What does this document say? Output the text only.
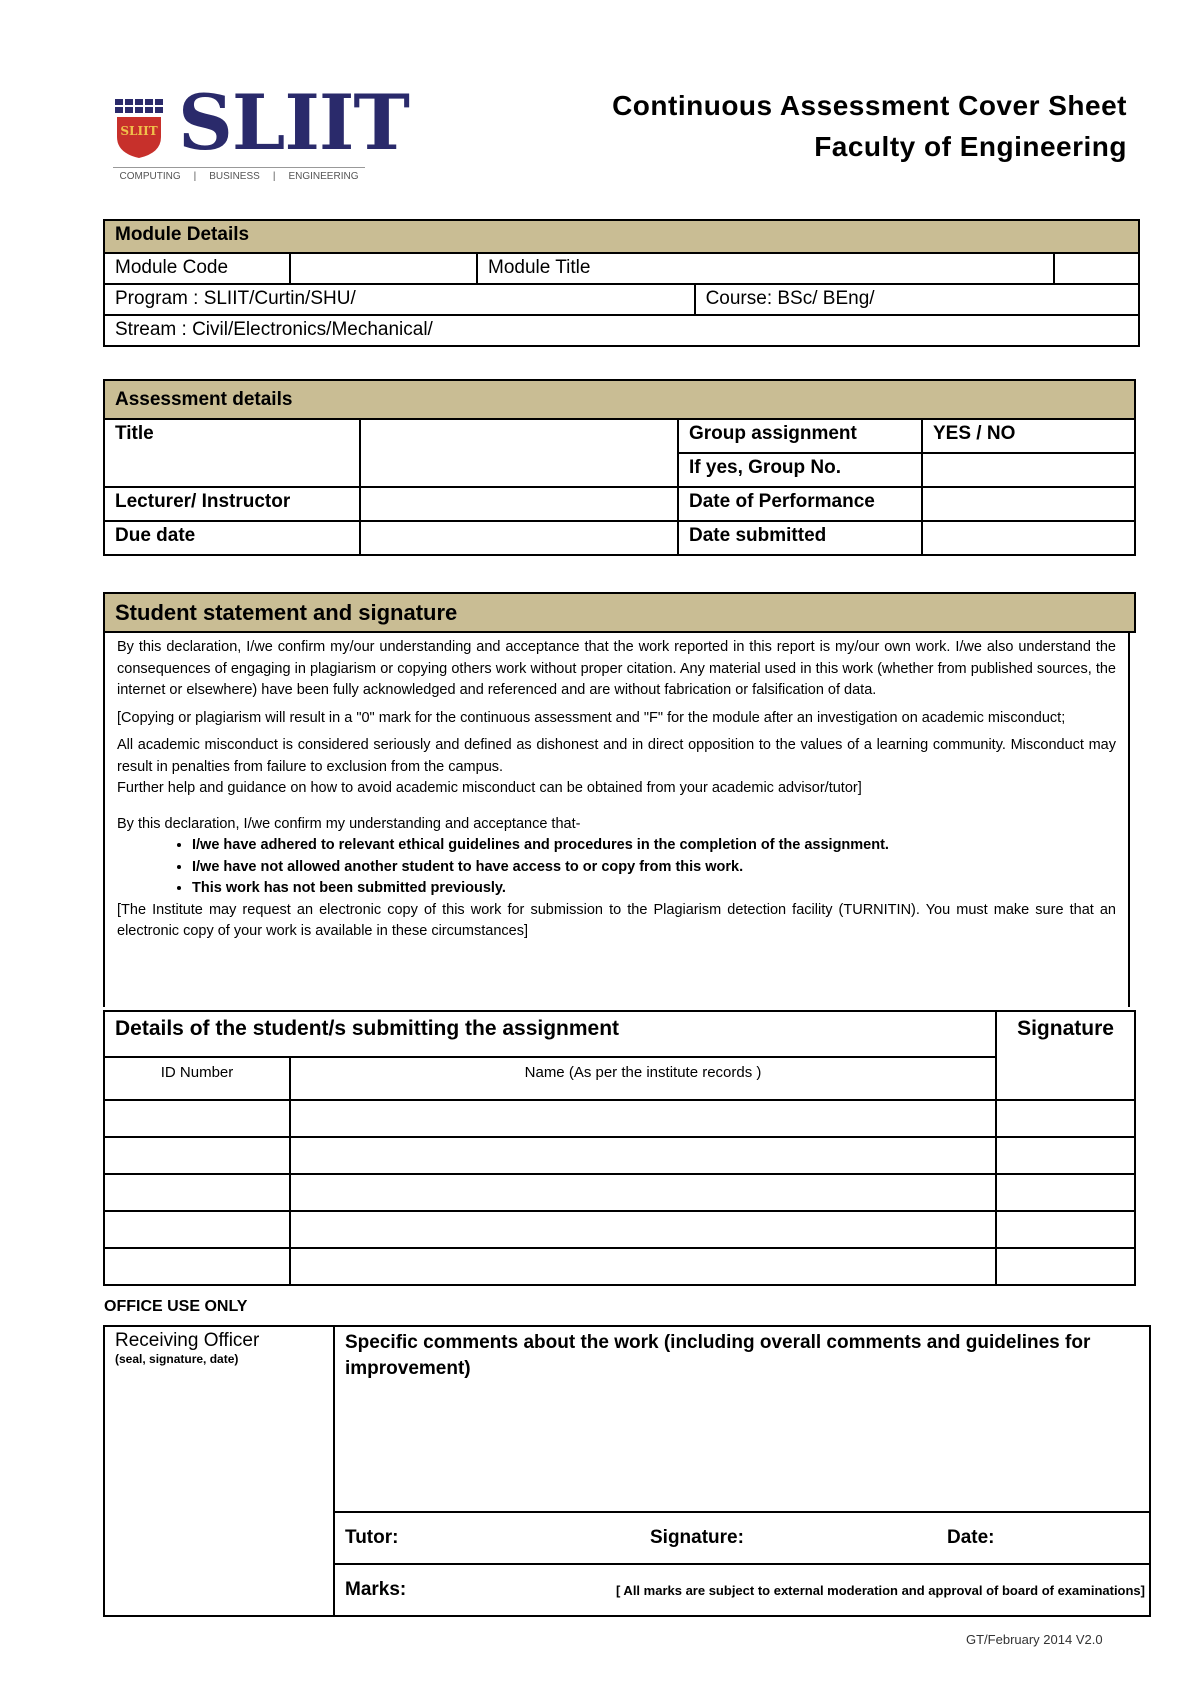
SLIIT SLIIT
COMPUTING | BUSINESS | ENGINEERING
Continuous Assessment Cover Sheet
Faculty of Engineering
Module Details				
Module Code		Module Title		
Program : SLIIT/Curtin/SHU/			Course: BSc/ BEng/	
Stream : Civil/Electronics/Mechanical/				
Assessment details			
Title		Group assignment	YES / NO
		If yes, Group No.	
Lecturer/ Instructor		Date of Performance	
Due date		Date submitted	
Student statement and signature

By this declaration, I/we confirm my/our understanding and acceptance that the work reported in this report is my/our own work. I/we also understand the consequences of engaging in plagiarism or copying others work without proper citation. Any material used in this work (whether from published sources, the internet or elsewhere) have been fully acknowledged and referenced and are without fabrication or falsification of data.

[Copying or plagiarism will result in a "0" mark for the continuous assessment and "F" for the module after an investigation on academic misconduct;

All academic misconduct is considered seriously and defined as dishonest and in direct opposition to the values of a learning community. Misconduct may result in penalties from failure to exclusion from the campus.

Further help and guidance on how to avoid academic misconduct can be obtained from your academic advisor/tutor]

By this declaration, I/we confirm my understanding and acceptance that-

• I/we have adhered to relevant ethical guidelines and procedures in the completion of the assignment.
• I/we have not allowed another student to have access to or copy from this work.
• This work has not been submitted previously.

[The Institute may request an electronic copy of this work for submission to the Plagiarism detection facility (TURNITIN). You must make sure that an electronic copy of your work is available in these circumstances]

Details of the student/s submitting the assignment		Signature
ID Number	Name (As per the institute records )	

OFFICE USE ONLY
Receiving Officer
(seal, signature, date)
	Specific comments about the work (including overall comments and guidelines for improvement)

Tutor:	Signature:	Date:

Marks:	[ All marks are subject to external moderation and approval of board of examinations]
GT/February 2014 V2.0
